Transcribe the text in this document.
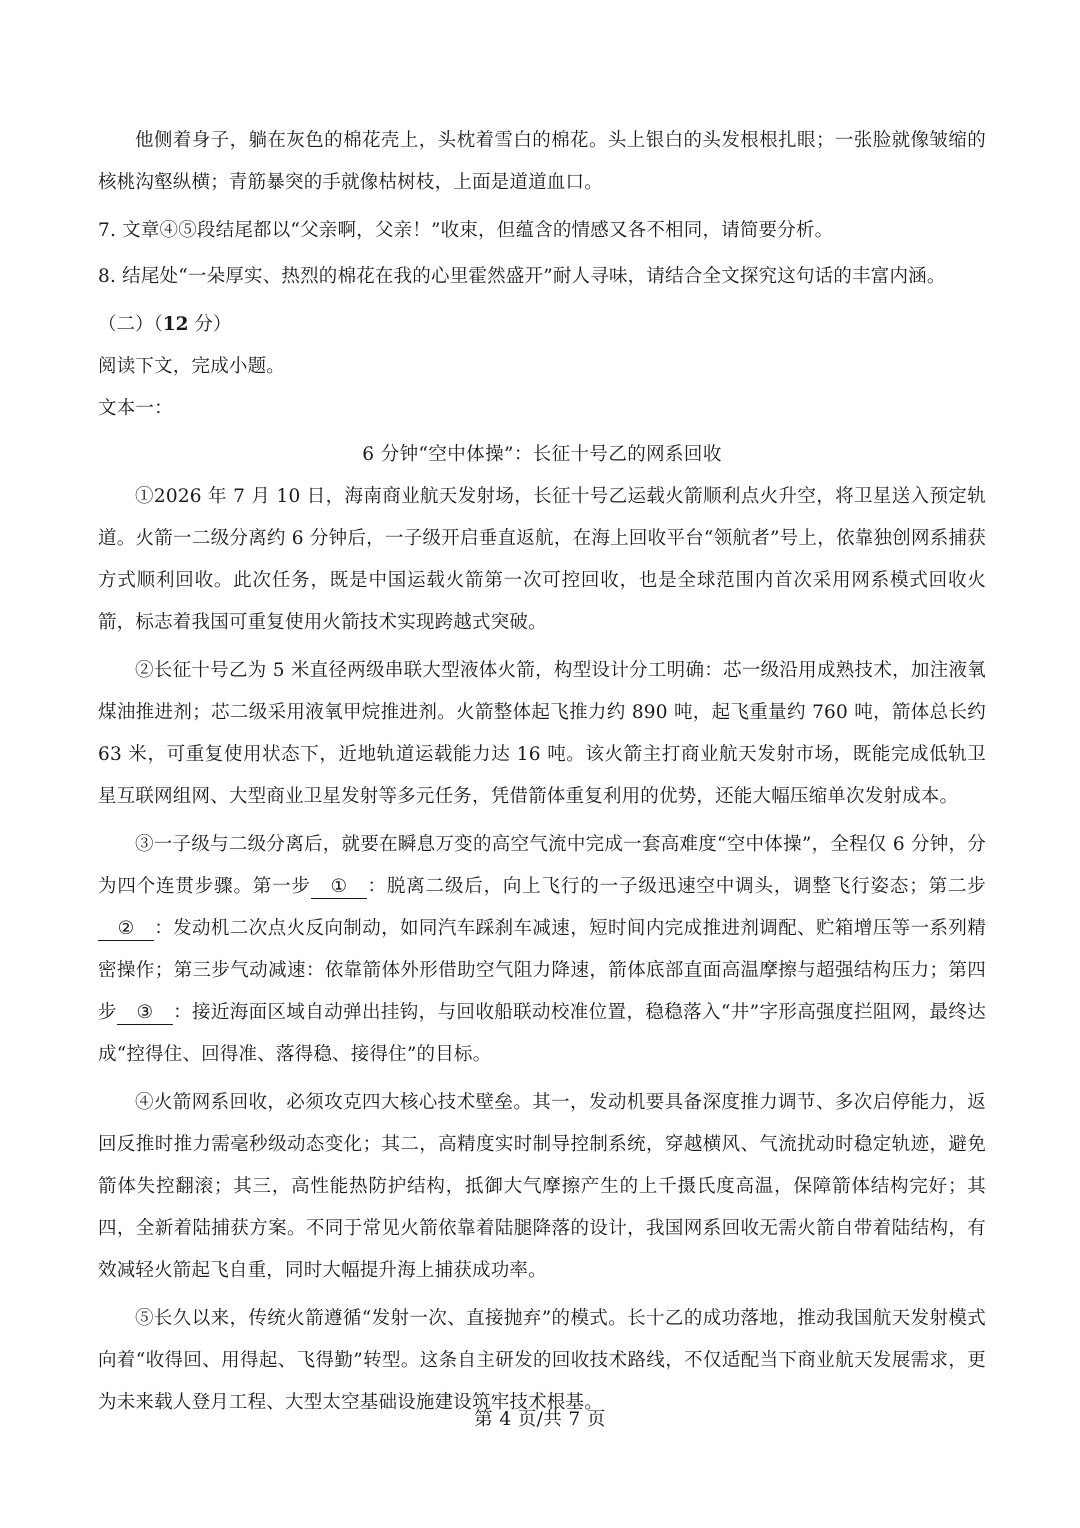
他侧着身子，躺在灰色的棉花壳上，头枕着雪白的棉花。头上银白的头发根根扎眼；一张脸就像皱缩的核桃沟壑纵横；青筋暴突的手就像枯树枝，上面是道道血口。

7. 文章④⑤段结尾都以“父亲啊，父亲！”收束，但蕴含的情感又各不相同，请简要分析。

8. 结尾处“一朵厚实、热烈的棉花在我的心里霍然盛开”耐人寻味，请结合全文探究这句话的丰富内涵。

（二）（12 分）

阅读下文，完成小题。

文本一：

6 分钟“空中体操”：长征十号乙的网系回收

①2026 年 7 月 10 日，海南商业航天发射场，长征十号乙运载火箭顺利点火升空，将卫星送入预定轨道。火箭一二级分离约 6 分钟后，一子级开启垂直返航，在海上回收平台“领航者”号上，依靠独创网系捕获方式顺利回收。此次任务，既是中国运载火箭第一次可控回收，也是全球范围内首次采用网系模式回收火箭，标志着我国可重复使用火箭技术实现跨越式突破。

②长征十号乙为 5 米直径两级串联大型液体火箭，构型设计分工明确：芯一级沿用成熟技术，加注液氧煤油推进剂；芯二级采用液氧甲烷推进剂。火箭整体起飞推力约 890 吨，起飞重量约 760 吨，箭体总长约 63 米，可重复使用状态下，近地轨道运载能力达 16 吨。该火箭主打商业航天发射市场，既能完成低轨卫星互联网组网、大型商业卫星发射等多元任务，凭借箭体重复利用的优势，还能大幅压缩单次发射成本。

③一子级与二级分离后，就要在瞬息万变的高空气流中完成一套高难度“空中体操”，全程仅 6 分钟，分为四个连贯步骤。第一步 ① ：脱离二级后，向上飞行的一子级迅速空中调头，调整飞行姿态；第二步② ：发动机二次点火反向制动，如同汽车踩刹车减速，短时间内完成推进剂调配、贮箱增压等一系列精密操作；第三步气动减速：依靠箭体外形借助空气阻力降速，箭体底部直面高温摩擦与超强结构压力；第四步 ③ ：接近海面区域自动弹出挂钩，与回收船联动校准位置，稳稳落入“井”字形高强度拦阻网，最终达成“控得住、回得准、落得稳、接得住”的目标。

④火箭网系回收，必须攻克四大核心技术壁垒。其一，发动机要具备深度推力调节、多次启停能力，返回反推时推力需毫秒级动态变化；其二，高精度实时制导控制系统，穿越横风、气流扰动时稳定轨迹，避免箭体失控翻滚；其三，高性能热防护结构，抵御大气摩擦产生的上千摄氏度高温，保障箭体结构完好；其四，全新着陆捕获方案。不同于常见火箭依靠着陆腿降落的设计，我国网系回收无需火箭自带着陆结构，有效减轻火箭起飞自重，同时大幅提升海上捕获成功率。

⑤长久以来，传统火箭遵循“发射一次、直接抛弃”的模式。长十乙的成功落地，推动我国航天发射模式向着“收得回、用得起、飞得勤”转型。这条自主研发的回收技术路线，不仅适配当下商业航天发展需求，更为未来载人登月工程、大型太空基础设施建设筑牢技术根基。

第 4 页/共 7 页
